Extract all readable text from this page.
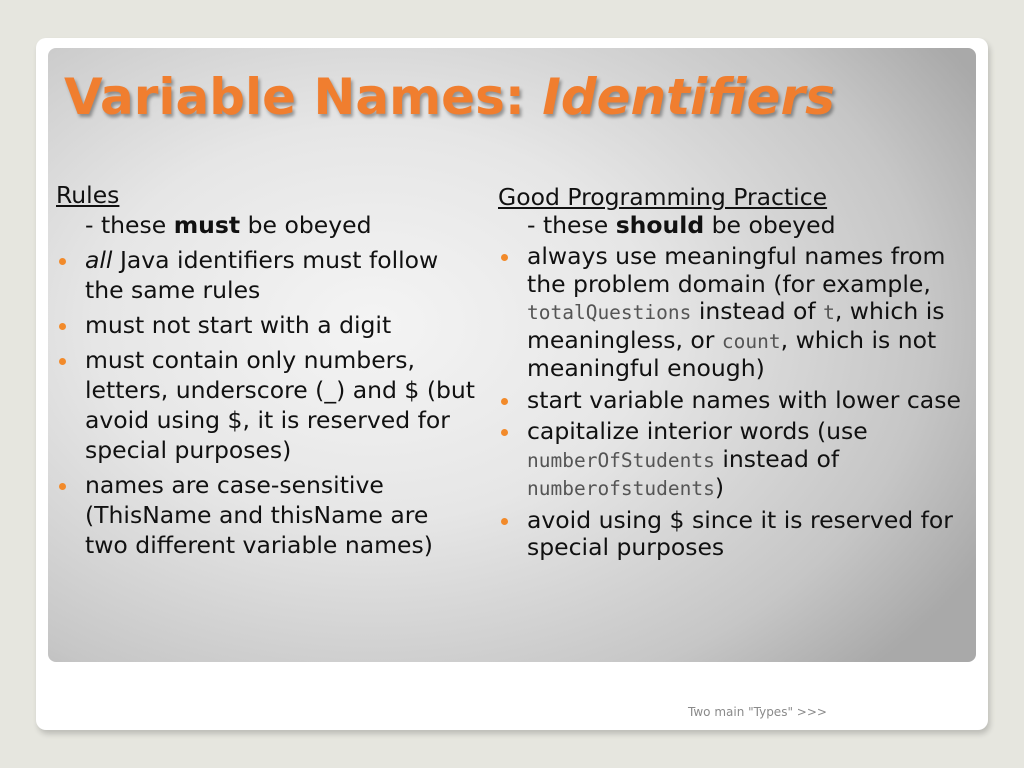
Variable Names: Identifiers
Rules
- these must be obeyed
all Java identifiers must follow the same rules
must not start with a digit
must contain only numbers, letters, underscore (_) and $ (but avoid using $, it is reserved for special purposes)
names are case-sensitive (ThisName and thisName are two different variable names)
Good Programming Practice
- these should be obeyed
always use meaningful names from the problem domain (for example, totalQuestions instead of t, which is meaningless, or count, which is not meaningful enough)
start variable names with lower case
capitalize interior words (use numberOfStudents instead of numberofstudents)
avoid using $ since it is reserved for special purposes
Two main "Types" >>>
